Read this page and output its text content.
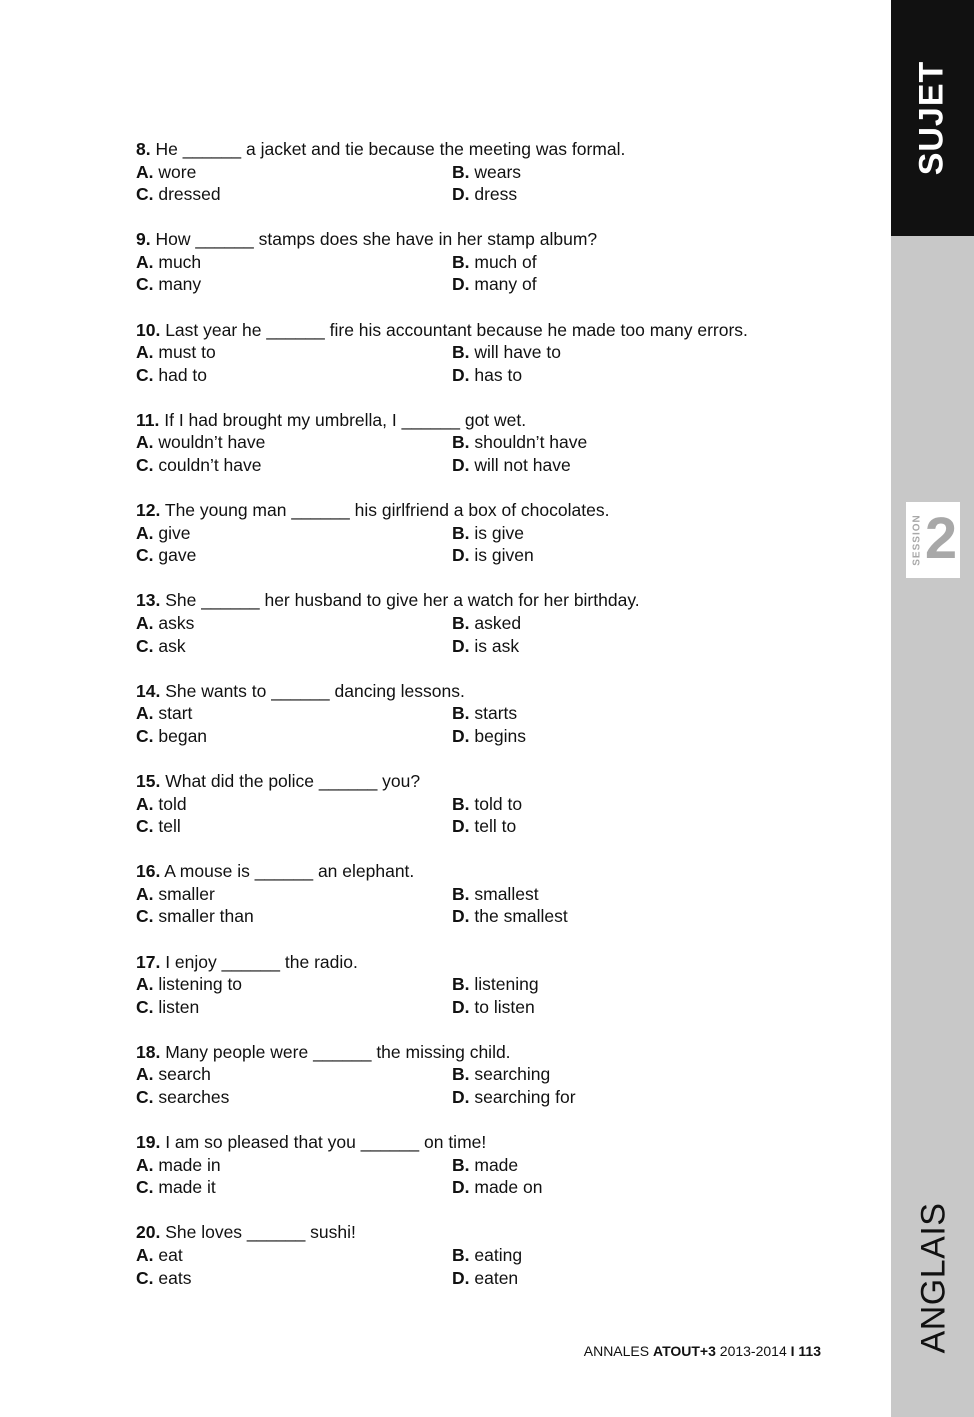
SUJET
SESSION 2
ANGLAIS

8. He ______ a jacket and tie because the meeting was formal.

A. wore	B. wears
C. dressed	D. dress

9. How ______ stamps does she have in her stamp album?

A. much	B. much of
C. many	D. many of

10. Last year he ______ fire his accountant because he made too many errors.

A. must to	B. will have to
C. had to	D. has to

11. If I had brought my umbrella, I ______ got wet.

A. wouldn’t have	B. shouldn’t have
C. couldn’t have	D. will not have

12. The young man ______ his girlfriend a box of chocolates.

A. give	B. is give
C. gave	D. is given

13. She ______ her husband to give her a watch for her birthday.

A. asks	B. asked
C. ask	D. is ask

14. She wants to ______ dancing lessons.

A. start	B. starts
C. began	D. begins

15. What did the police ______ you?

A. told	B. told to
C. tell	D. tell to

16. A mouse is ______ an elephant.

A. smaller	B. smallest
C. smaller than	D. the smallest

17. I enjoy ______ the radio.

A. listening to	B. listening
C. listen	D. to listen

18. Many people were ______ the missing child.

A. search	B. searching
C. searches	D. searching for

19. I am so pleased that you ______ on time!

A. made in	B. made
C. made it	D. made on

20. She loves ______ sushi!

A. eat	B. eating
C. eats	D. eaten
ANNALES ATOUT+3 2013-2014 I 113
